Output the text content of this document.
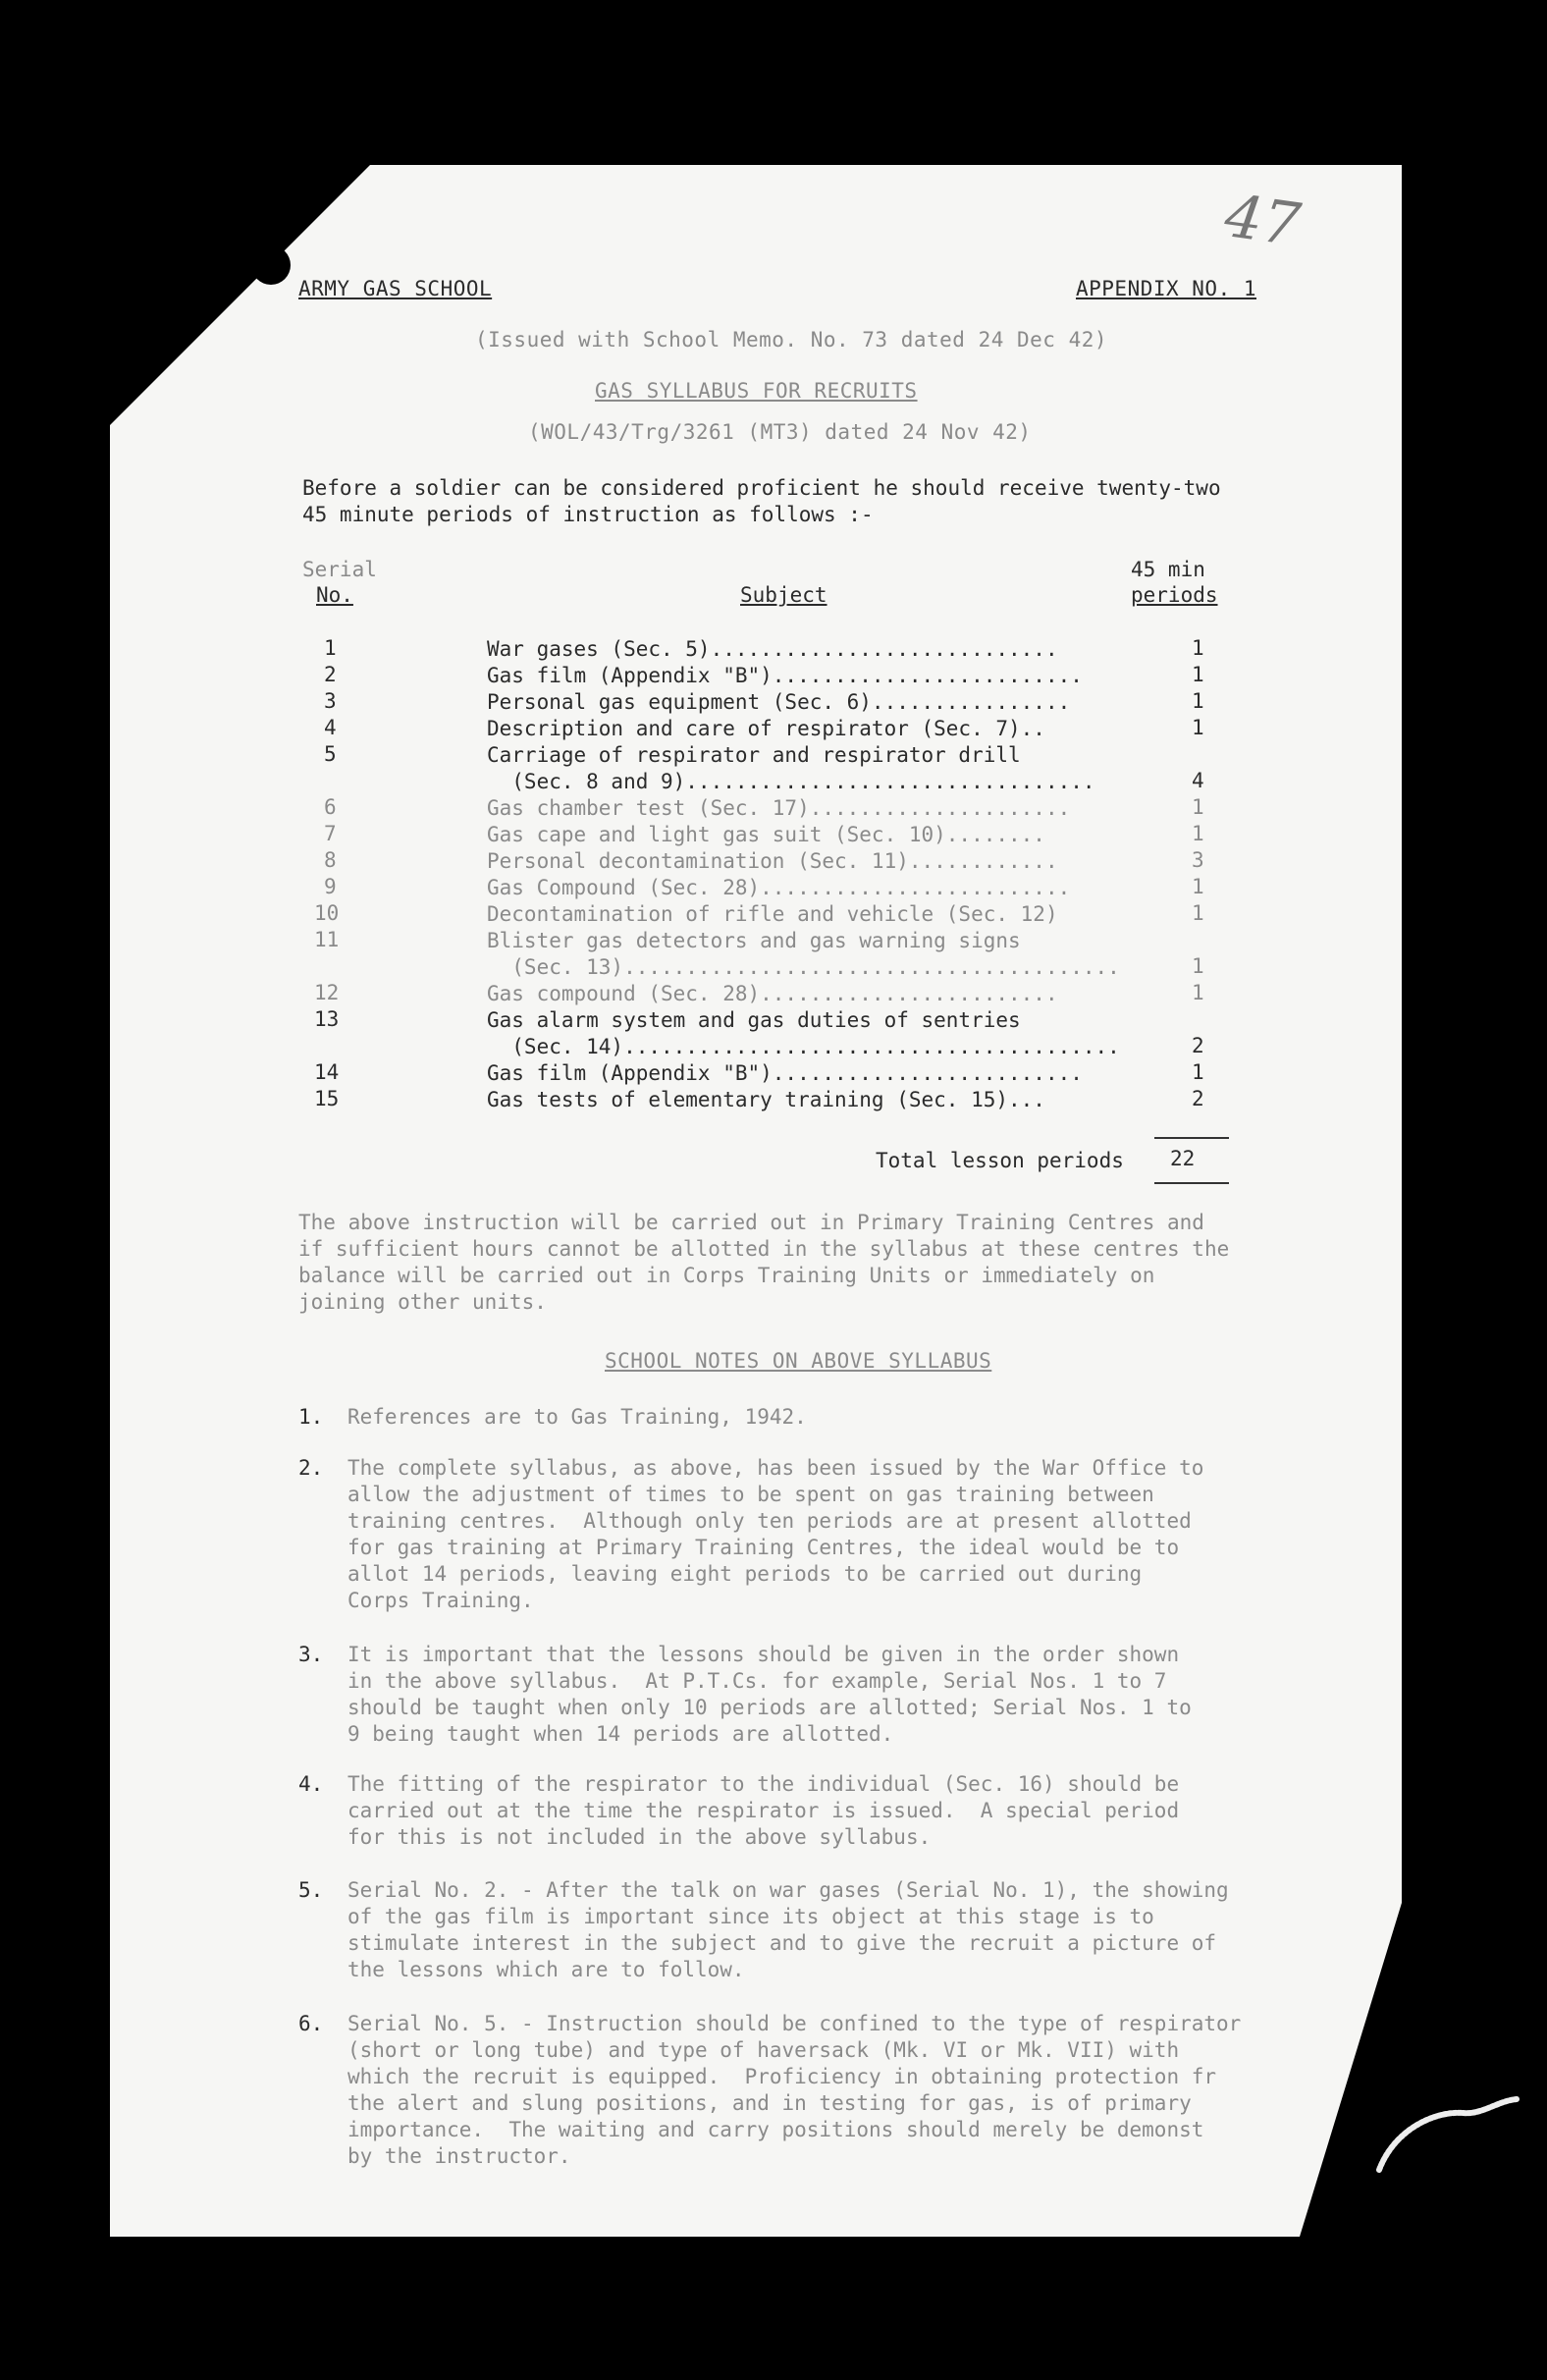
47
ARMY GAS SCHOOL	APPENDIX NO. 1
(Issued with School Memo. No. 73 dated 24 Dec 42)
GAS SYLLABUS FOR RECRUITS
(WOL/43/Trg/3261 (MT3) dated 24 Nov 42)
Before a soldier can be considered proficient he should receive twenty-two
45 minute periods of instruction as follows :-
Serial
No.	Subject
45 min
periods
1	War gases (Sec. 5)............................	1
2	Gas film (Appendix "B").........................	1
3	Personal gas equipment (Sec. 6)................	1
4	Description and care of respirator (Sec. 7)..	1
5	Carriage of respirator and respirator drill
(Sec. 8 and 9).................................	4
6	Gas chamber test (Sec. 17).....................	1
7	Gas cape and light gas suit (Sec. 10)........	1
8	Personal decontamination (Sec. 11)............	3
9	Gas Compound (Sec. 28).........................	1
10	Decontamination of rifle and vehicle (Sec. 12)	1
11	Blister gas detectors and gas warning signs
(Sec. 13)........................................	1
12	Gas compound (Sec. 28)........................	1
13	Gas alarm system and gas duties of sentries
(Sec. 14)........................................	2
14	Gas film (Appendix "B").........................	1
15	Gas tests of elementary training (Sec. 15)...	2
Total lesson periods 22
The above instruction will be carried out in Primary Training Centres and
if sufficient hours cannot be allotted in the syllabus at these centres the
balance will be carried out in Corps Training Units or immediately on
joining other units.
SCHOOL NOTES ON ABOVE SYLLABUS
1. References are to Gas Training, 1942.
2. The complete syllabus, as above, has been issued by the War Office to
allow the adjustment of times to be spent on gas training between
training centres.  Although only ten periods are at present allotted
for gas training at Primary Training Centres, the ideal would be to
allot 14 periods, leaving eight periods to be carried out during
Corps Training.
3. It is important that the lessons should be given in the order shown
in the above syllabus.  At P.T.Cs. for example, Serial Nos. 1 to 7
should be taught when only 10 periods are allotted; Serial Nos. 1 to
9 being taught when 14 periods are allotted.
4. The fitting of the respirator to the individual (Sec. 16) should be
carried out at the time the respirator is issued.  A special period
for this is not included in the above syllabus.
5. Serial No. 2. - After the talk on war gases (Serial No. 1), the showing
of the gas film is important since its object at this stage is to
stimulate interest in the subject and to give the recruit a picture of
the lessons which are to follow.
6. Serial No. 5. - Instruction should be confined to the type of respirator
(short or long tube) and type of haversack (Mk. VI or Mk. VII) with
which the recruit is equipped.  Proficiency in obtaining protection fr
the alert and slung positions, and in testing for gas, is of primary
importance.  The waiting and carry positions should merely be demonst
by the instructor.
